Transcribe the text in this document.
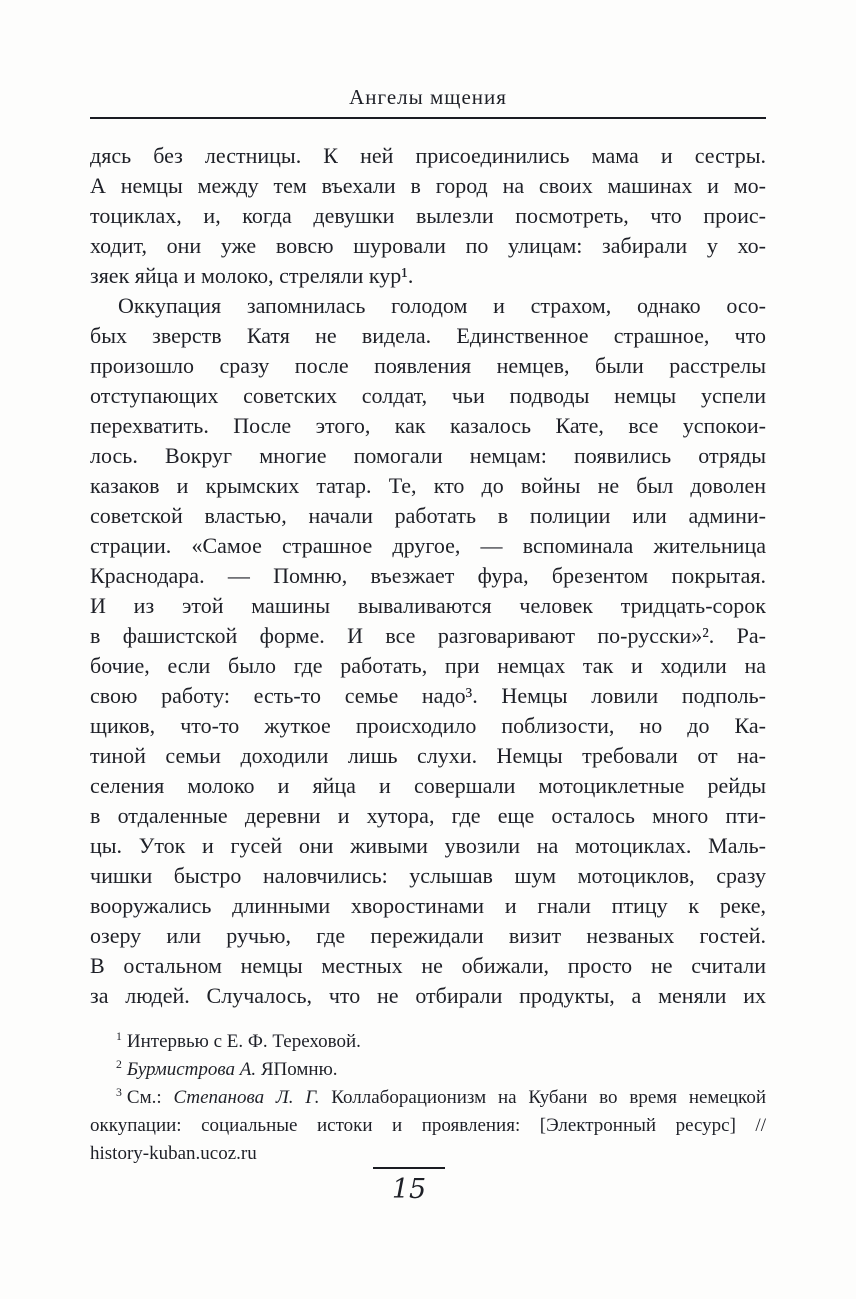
Ангелы мщения
дясь без лестницы. К ней присоединились мама и сестры.
А немцы между тем въехали в город на своих машинах и мо-
тоциклах, и, когда девушки вылезли посмотреть, что проис-
ходит, они уже вовсю шуровали по улицам: забирали у хо-
зяек яйца и молоко, стреляли кур¹.
Оккупация запомнилась голодом и страхом, однако осо-
бых зверств Катя не видела. Единственное страшное, что
произошло сразу после появления немцев, были расстрелы
отступающих советских солдат, чьи подводы немцы успели
перехватить. После этого, как казалось Кате, все успокои-
лось. Вокруг многие помогали немцам: появились отряды
казаков и крымских татар. Те, кто до войны не был доволен
советской властью, начали работать в полиции или админи-
страции. «Самое страшное другое, — вспоминала жительница
Краснодара. — Помню, въезжает фура, брезентом покрытая.
И из этой машины вываливаются человек тридцать-сорок
в фашистской форме. И все разговаривают по-русски»². Ра-
бочие, если было где работать, при немцах так и ходили на
свою работу: есть-то семье надо³. Немцы ловили подполь-
щиков, что-то жуткое происходило поблизости, но до Ка-
тиной семьи доходили лишь слухи. Немцы требовали от на-
селения молоко и яйца и совершали мотоциклетные рейды
в отдаленные деревни и хутора, где еще осталось много пти-
цы. Уток и гусей они живыми увозили на мотоциклах. Маль-
чишки быстро наловчились: услышав шум мотоциклов, сразу
вооружались длинными хворостинами и гнали птицу к реке,
озеру или ручью, где пережидали визит незваных гостей.
В остальном немцы местных не обижали, просто не считали
за людей. Случалось, что не отбирали продукты, а меняли их
$^1$ Интервью с Е. Ф. Тереховой.
$^2$ Бурмистрова А. ЯПомню.
$^3$ См.: Степанова Л. Г. Коллаборационизм на Кубани во время немецкой
оккупации: социальные истоки и проявления: [Электронный ресурс] //
history-kuban.ucoz.ru
15
